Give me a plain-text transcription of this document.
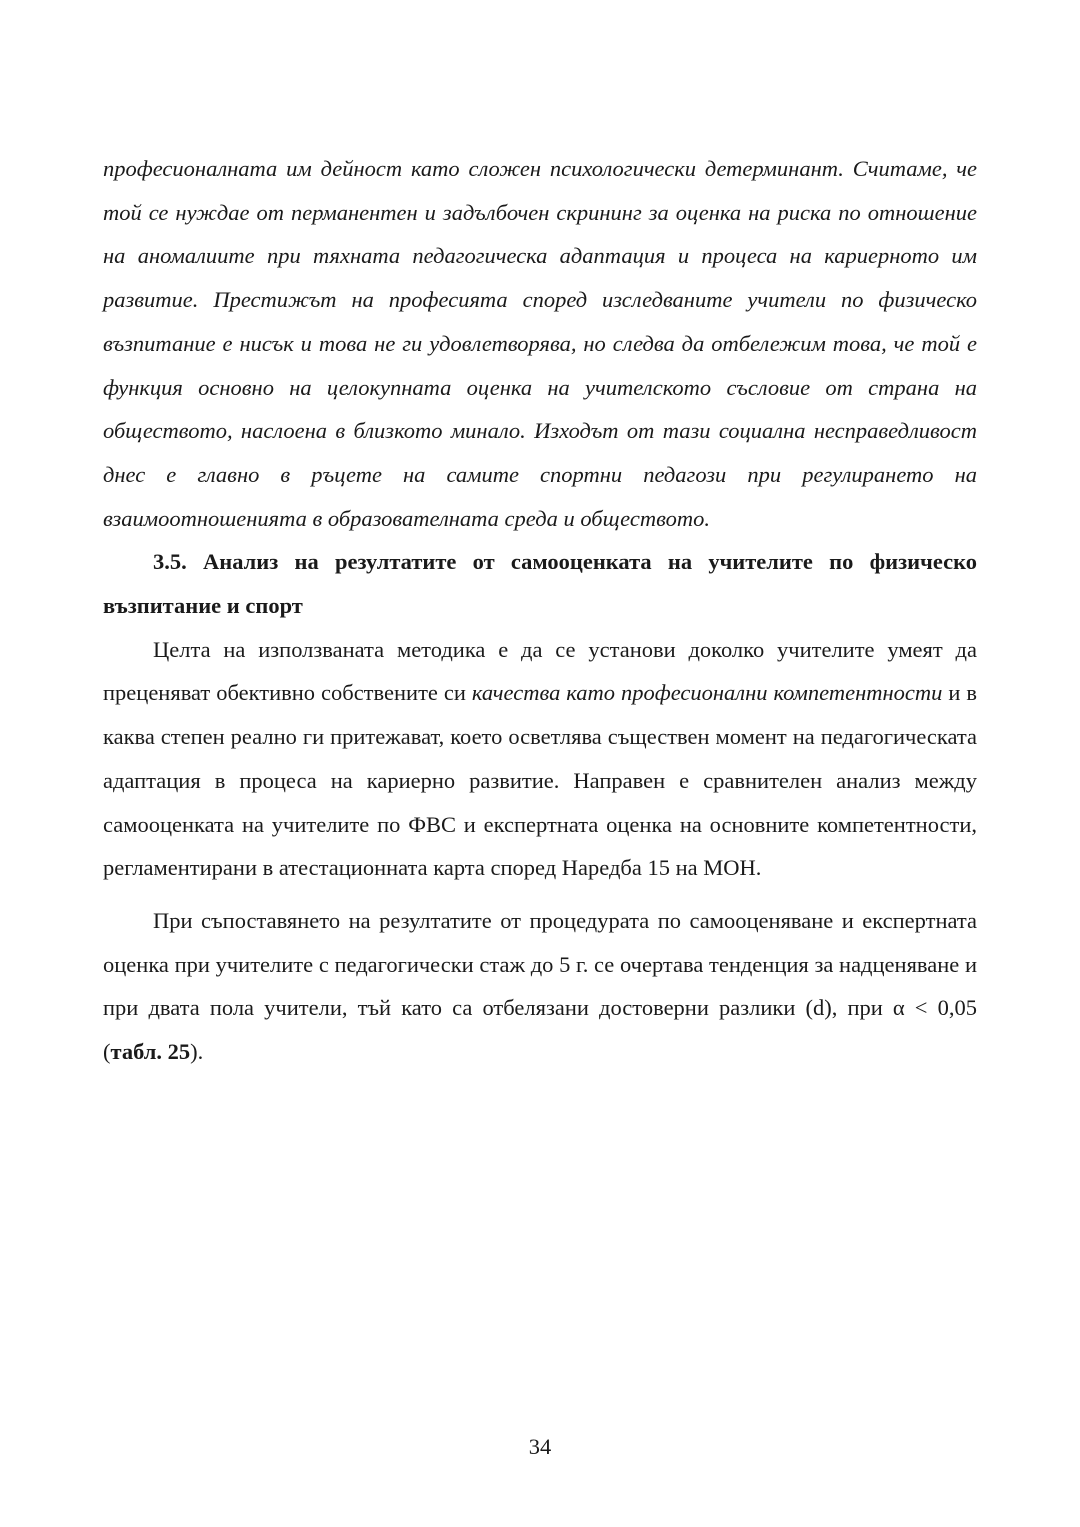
професионалната им дейност като сложен психологически детерминант. Считаме, че той се нуждае от перманентен и задълбочен скрининг за оценка на риска по отношение на аномалиите при тяхната педагогическа адаптация и процеса на кариерното им развитие. Престижът на професията според изследваните учители по физическо възпитание е нисък и това не ги удовлетворява, но следва да отбележим това, че той е функция основно на целокупната оценка на учителското съсловие от страна на обществото, наслоена в близкото минало. Изходът от тази социална несправедливост днес е главно в ръцете на самите спортни педагози при регулирането на взаимоотношенията в образователната среда и обществото.

3.5. Анализ на резултатите от самооценката на учителите по физическо възпитание и спорт

Целта на използваната методика е да се установи доколко учителите умеят да преценяват обективно собствените си качества като професионални компетентности и в каква степен реално ги притежават, което осветлява съществен момент на педагогическата адаптация в процеса на кариерно развитие. Направен е сравнителен анализ между самооценката на учителите по ФВС и експертната оценка на основните компетентности, регламентирани в атестационната карта според Наредба 15 на МОН.

При съпоставянето на резултатите от процедурата по самооценяване и експертната оценка при учителите с педагогически стаж до 5 г. се очертава тенденция за надценяване и при двата пола учители, тъй като са отбелязани достоверни разлики (d), при α < 0,05 (табл. 25).

34
